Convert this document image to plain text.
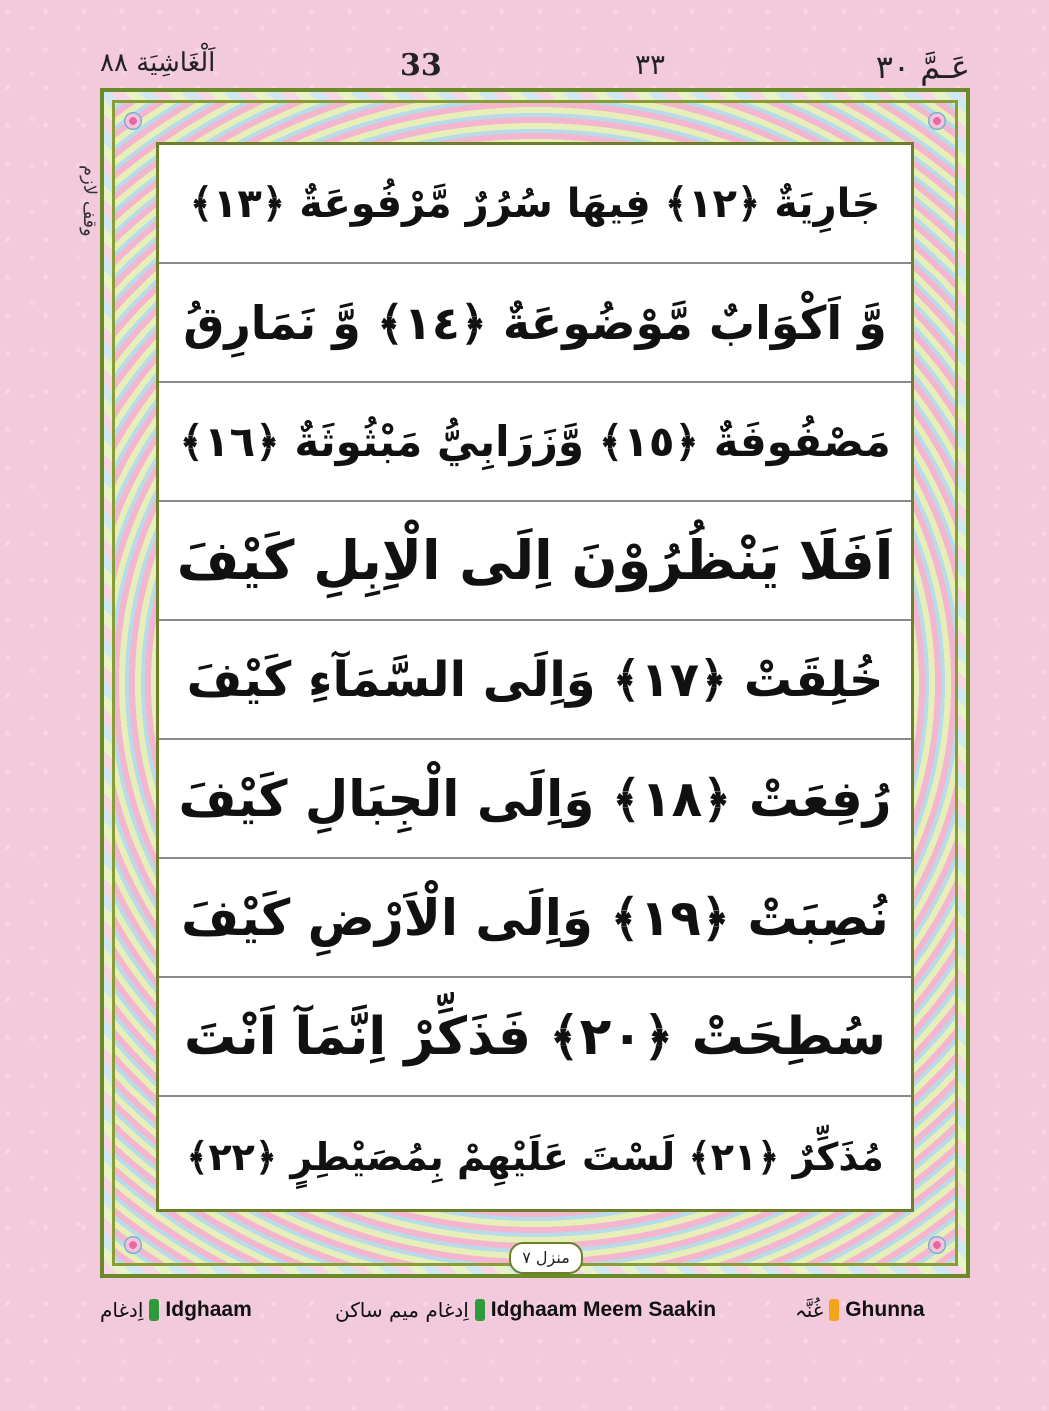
اَلْغَاشِيَة ٨٨	33	٣٣	عَـمَّ ٣٠
وقف لازم جَارِيَةٌ ﴿١٢﴾ فِيهَا سُرُرٌ مَّرْفُوعَةٌ ﴿١٣﴾
وَّ اَكْوَابٌ مَّوْضُوعَةٌ ﴿١٤﴾ وَّ نَمَارِقُ
مَصْفُوفَةٌ ﴿١٥﴾ وَّزَرَابِيُّ مَبْثُوثَةٌ ﴿١٦﴾
اَفَلَا يَنْظُرُوْنَ اِلَى الْاِبِلِ كَيْفَ
خُلِقَتْ ﴿١٧﴾ وَاِلَى السَّمَآءِ كَيْفَ
رُفِعَتْ ﴿١٨﴾ وَاِلَى الْجِبَالِ كَيْفَ
نُصِبَتْ ﴿١٩﴾ وَاِلَى الْاَرْضِ كَيْفَ
سُطِحَتْ ﴿٢٠﴾ فَذَكِّرْ اِنَّمَآ اَنْتَ
مُذَكِّرٌ ﴿٢١﴾ لَسْتَ عَلَيْهِمْ بِمُصَيْطِرٍ ﴿٢٢﴾
منزل ٧
اِدغام Idghaam	اِدغام میم ساکن Idghaam Meem Saakin	غُنَّہ Ghunna
